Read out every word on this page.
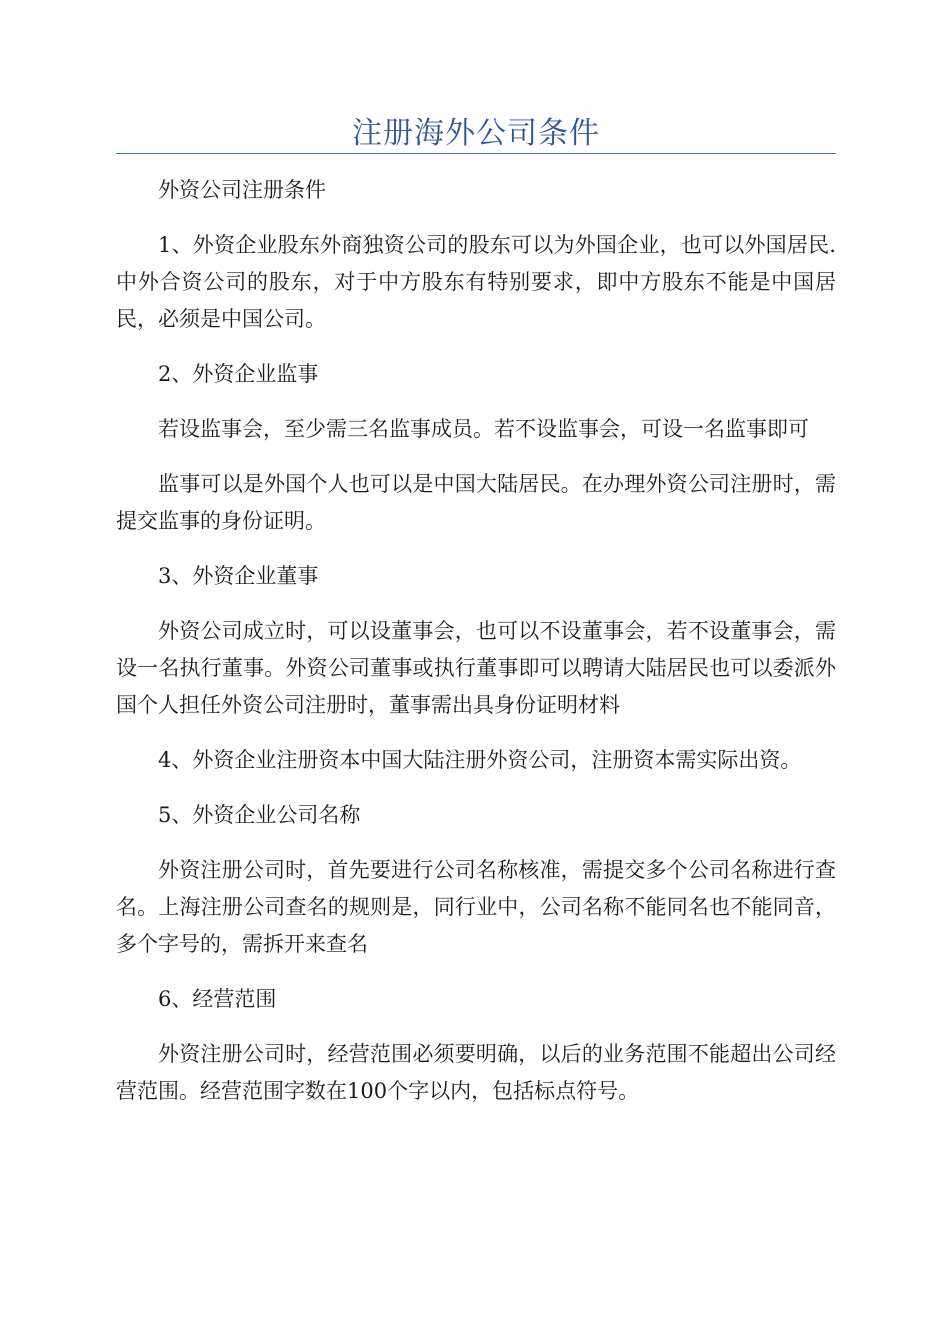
注册海外公司条件

外资公司注册条件

1、外资企业股东外商独资公司的股东可以为外国企业，也可以外国居民.中外合资公司的股东，对于中方股东有特别要求，即中方股东不能是中国居民，必须是中国公司。

2、外资企业监事

若设监事会，至少需三名监事成员。若不设监事会，可设一名监事即可

监事可以是外国个人也可以是中国大陆居民。在办理外资公司注册时，需提交监事的身份证明。

3、外资企业董事

外资公司成立时，可以设董事会，也可以不设董事会，若不设董事会，需设一名执行董事。外资公司董事或执行董事即可以聘请大陆居民也可以委派外国个人担任外资公司注册时，董事需出具身份证明材料

4、外资企业注册资本中国大陆注册外资公司，注册资本需实际出资。

5、外资企业公司名称

外资注册公司时，首先要进行公司名称核准，需提交多个公司名称进行查名。上海注册公司查名的规则是，同行业中，公司名称不能同名也不能同音，多个字号的，需拆开来查名

6、经营范围

外资注册公司时，经营范围必须要明确，以后的业务范围不能超出公司经营范围。经营范围字数在100个字以内，包括标点符号。
